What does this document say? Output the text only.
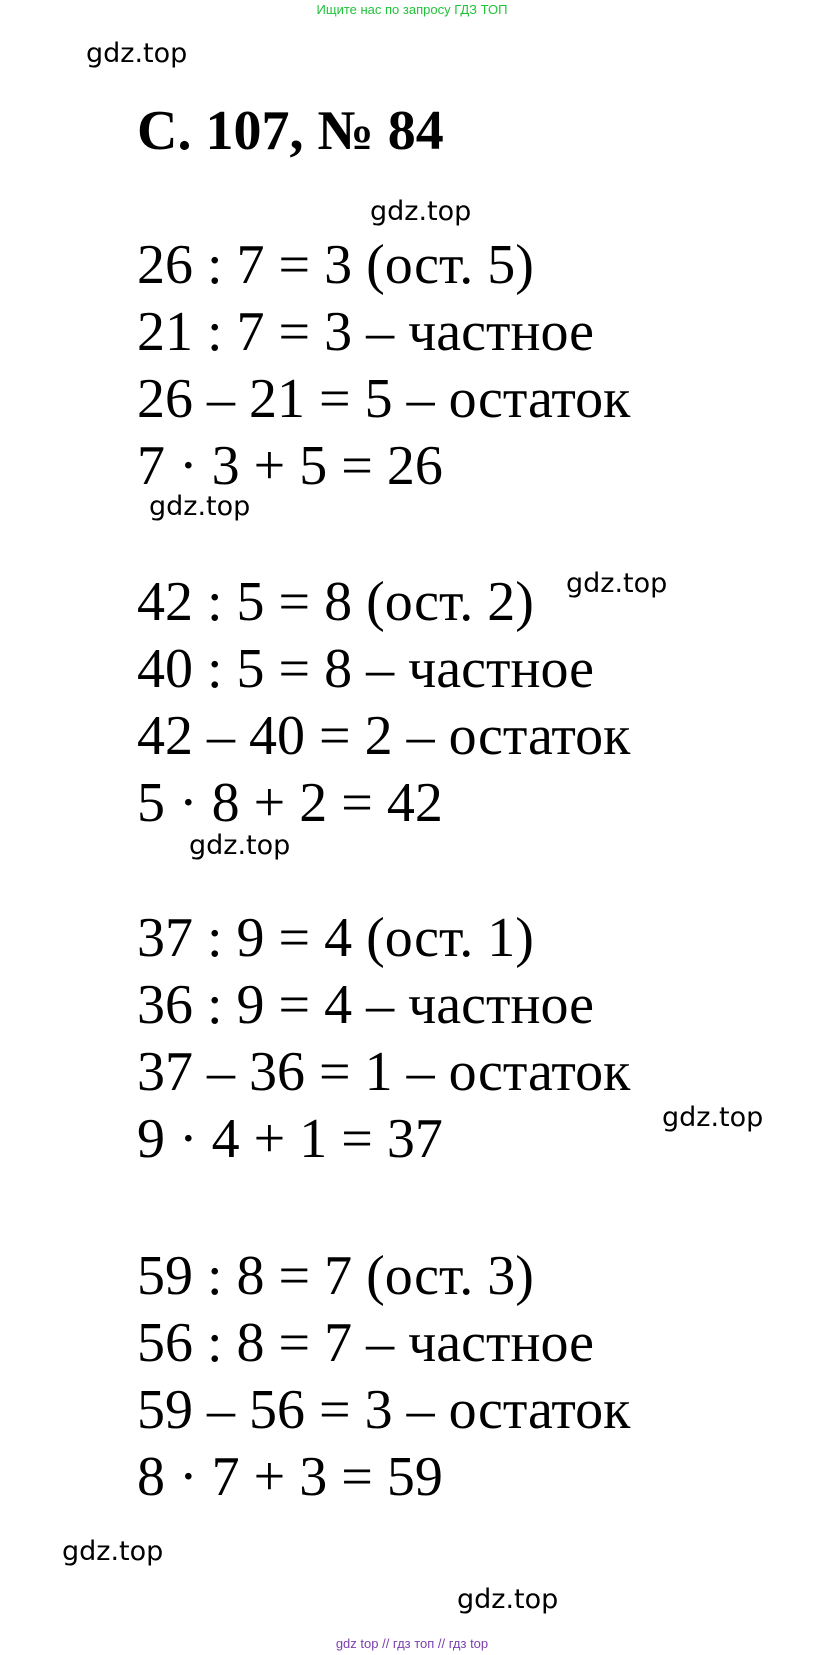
Ищите нас по запросу ГДЗ ТОП
gdz.top
С. 107, № 84
gdz.top
26 : 7 = 3 (ост. 5)
21 : 7 = 3 – частное
26 – 21 = 5 – остаток
7 · 3 + 5 = 26
gdz.top
42 : 5 = 8 (ост. 2) gdz.top
40 : 5 = 8 – частное
42 – 40 = 2 – остаток
5 · 8 + 2 = 42
gdz.top
37 : 9 = 4 (ост. 1)
36 : 9 = 4 – частное
37 – 36 = 1 – остаток
gdz.top
9 · 4 + 1 = 37
59 : 8 = 7 (ост. 3)
56 : 8 = 7 – частное
59 – 56 = 3 – остаток
8 · 7 + 3 = 59
gdz.top
gdz.top
gdz top // гдз топ // гдз top
